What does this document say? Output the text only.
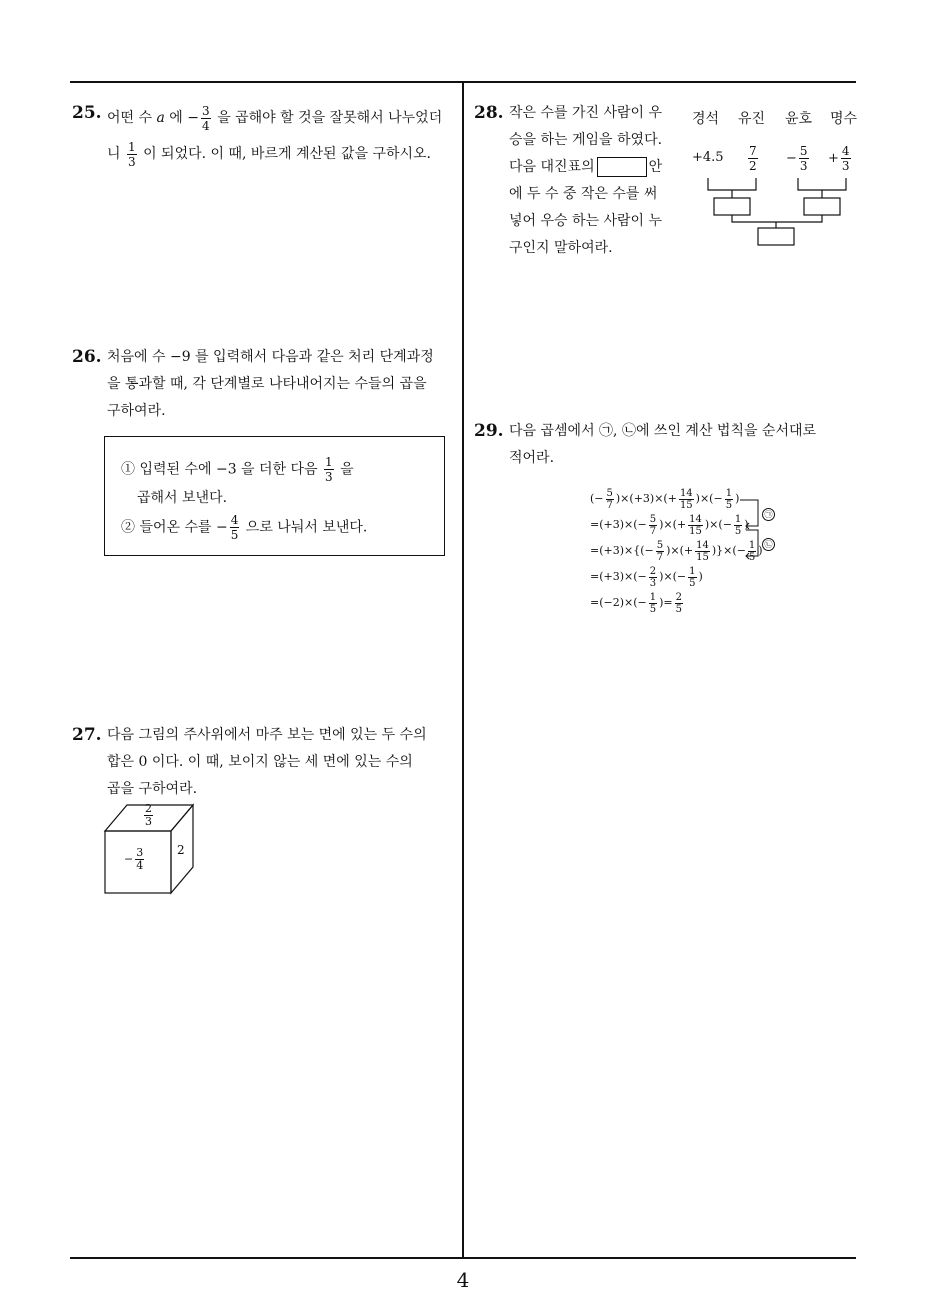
25. 어떤 수 a 에 − $\frac{3}{4}$ 을 곱해야 할 것을 잘못해서 나누었더
니 $\frac{1}{3}$ 이 되었다. 이 때, 바르게 계산된 값을 구하시오.
26. 처음에 수 −9 를 입력해서 다음과 같은 처리 단계과정
을 통과할 때, 각 단계별로 나타내어지는 수들의 곱을
구하여라.
① 입력된 수에 −3 을 더한 다음 $\frac{1}{3}$ 을
곱해서 보낸다.
② 들어온 수를 − $\frac{4}{5}$ 으로 나눠서 보낸다.
27. 다음 그림의 주사위에서 마주 보는 면에 있는 두 수의
합은 0 이다. 이 때, 보이지 않는 세 면에 있는 수의
곱을 구하여라.
$\frac{2}{3}$
− $\frac{3}{4}$	2
28. 작은 수를 가진 사람이 우
승을 하는 게임을 하였다.
다음 대진표의	안
에 두 수 중 작은 수를 써
넣어 우승 하는 사람이 누
구인지 말하여라.
경석 유진 윤호 명수
$+4.5 \frac{7}{2} - \frac{5}{3} + \frac{4}{3}$
29. 다음 곱셈에서 ㉠, ㉡에 쓰인 계산 법칙을 순서대로
적어라.
(− $\frac{5}{7} )\times(+3)\times(+ \frac{14}{15}$ )×(− $\frac{1}{5}$ )
$=(+3)\times(- \frac{5}{7}$ )×(+ $\frac{14}{15}$ )×(− $\frac{1}{5}$ )
$=(+3)\times\{(- \frac{5}{7}$ )×(+ $\frac{14}{15}$ )}×(− $\frac{1}{5}$ )
$=(+3)\times(- \frac{2}{3}$ )×(− $\frac{1}{5}$ )
$=(-2)\times(- \frac{1}{5}$ )= $\frac{2}{5}$
㉠
㉡
4
